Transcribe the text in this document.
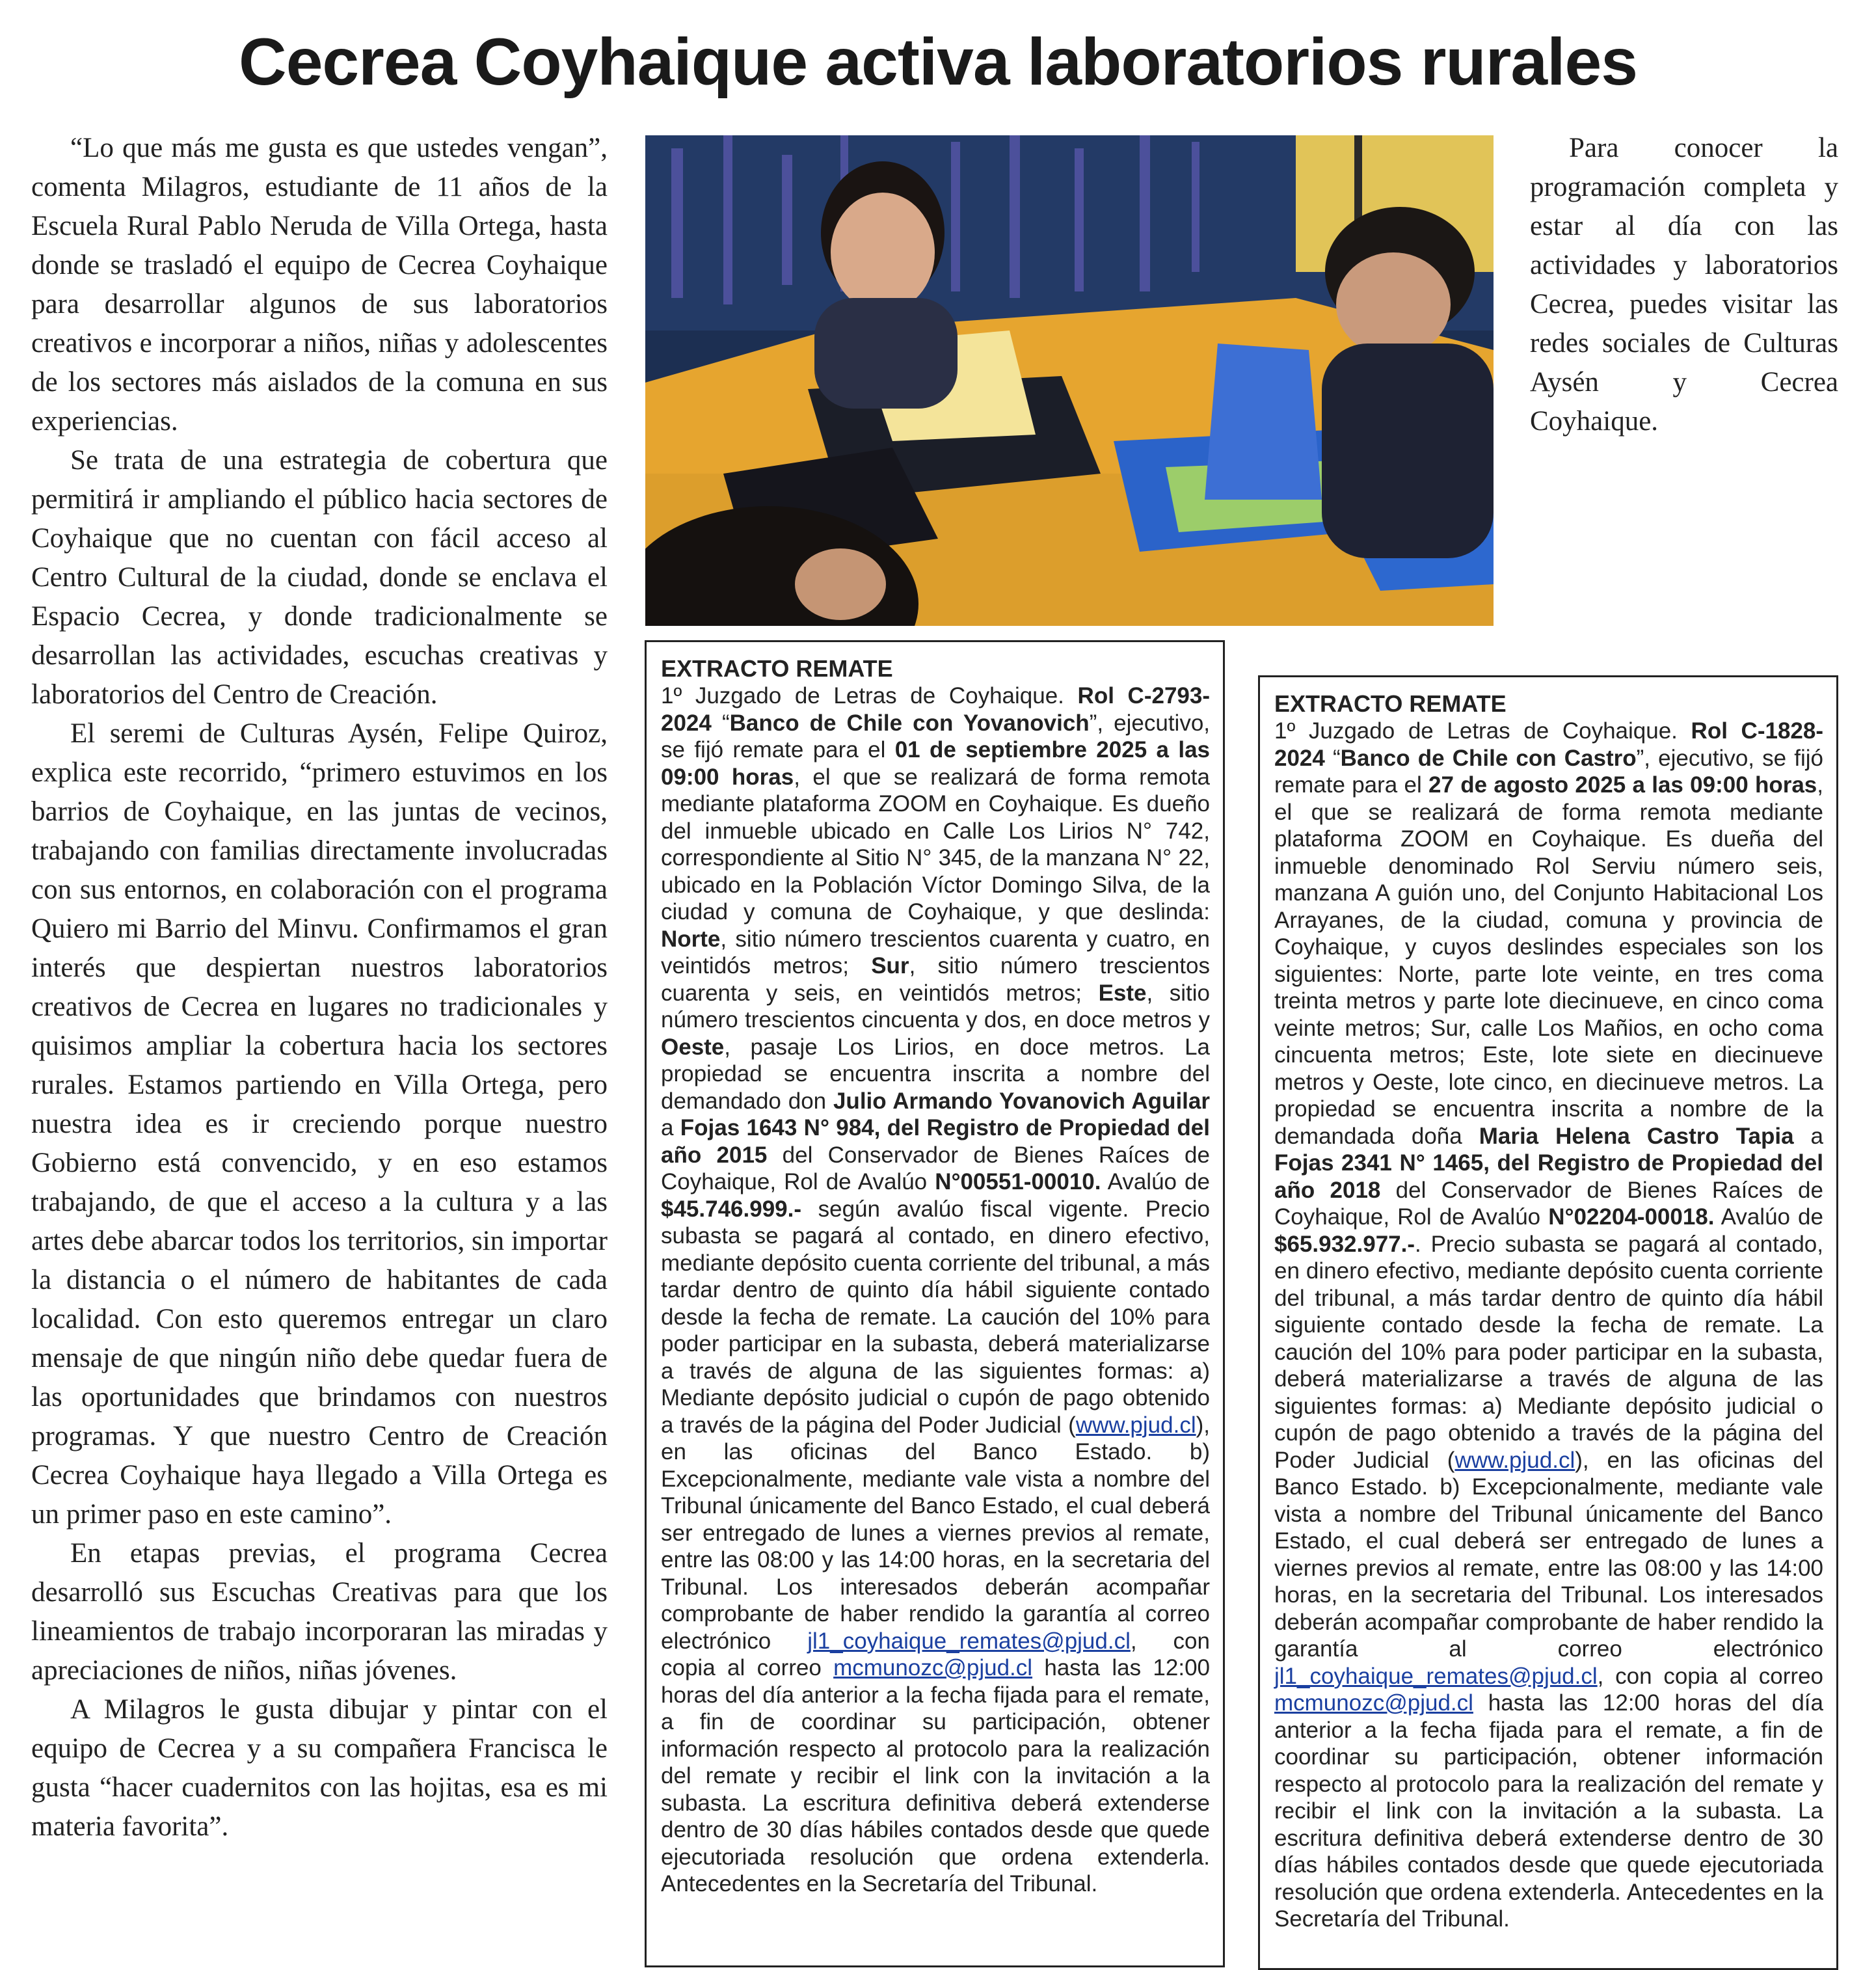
Cecrea Coyhaique activa laboratorios rurales

“Lo que más me gusta es que ustedes vengan”, comenta Milagros, estudiante de 11 años de la Escuela Rural Pablo Neruda de Villa Ortega, hasta donde se trasladó el equipo de Cecrea Coyhaique para desarrollar algunos de sus laboratorios creativos e incorporar a niños, niñas y adolescentes de los sectores más aislados de la comuna en sus experiencias.

Se trata de una estrategia de cobertura que permitirá ir ampliando el público hacia sectores de Coyhaique que no cuentan con fácil acceso al Centro Cultural de la ciudad, donde se enclava el Espacio Cecrea, y donde tradicionalmente se desarrollan las actividades, escuchas creativas y laboratorios del Centro de Creación.

El seremi de Culturas Aysén, Felipe Quiroz, explica este recorrido, “primero estuvimos en los barrios de Coyhaique, en las juntas de vecinos, trabajando con familias directamente involucradas con sus entornos, en colaboración con el programa Quiero mi Barrio del Minvu. Confirmamos el gran interés que despiertan nuestros laboratorios creativos de Cecrea en lugares no tradicionales y quisimos ampliar la cobertura hacia los sectores rurales. Estamos partiendo en Villa Ortega, pero nuestra idea es ir creciendo porque nuestro Gobierno está convencido, y en eso estamos trabajando, de que el acceso a la cultura y a las artes debe abarcar todos los territorios, sin importar la distancia o el número de habitantes de cada localidad. Con esto queremos entregar un claro mensaje de que ningún niño debe quedar fuera de las oportunidades que brindamos con nuestros programas. Y que nuestro Centro de Creación Cecrea Coyhaique haya llegado a Villa Ortega es un primer paso en este camino”.

En etapas previas, el programa Cecrea desarrolló sus Escuchas Creativas para que los lineamientos de trabajo incorporaran las miradas y apreciaciones de niños, niñas jóvenes.

A Milagros le gusta dibujar y pintar con el equipo de Cecrea y a su compañera Francisca le gusta “hacer cuadernitos con las hojitas, esa es mi materia favorita”.

Para conocer la programación completa y estar al día con las actividades y laboratorios Cecrea, puedes visitar las redes sociales de Culturas Aysén y Cecrea Coyhaique.

EXTRACTO REMATE

1º Juzgado de Letras de Coyhaique. Rol C-2793-2024 “Banco de Chile con Yovanovich”, ejecutivo, se fijó remate para el 01 de septiembre 2025 a las 09:00 horas, el que se realizará de forma remota mediante plataforma ZOOM en Coyhaique. Es dueño del inmueble ubicado en Calle Los Lirios N° 742, correspondiente al Sitio N° 345, de la manzana N° 22, ubicado en la Población Víctor Domingo Silva, de la ciudad y comuna de Coyhaique, y que deslinda: Norte, sitio número trescientos cuarenta y cuatro, en veintidós metros; Sur, sitio número trescientos cuarenta y seis, en veintidós metros; Este, sitio número trescientos cincuenta y dos, en doce metros y Oeste, pasaje Los Lirios, en doce metros. La propiedad se encuentra inscrita a nombre del demandado don Julio Armando Yovanovich Aguilar a Fojas 1643 N° 984, del Registro de Propiedad del año 2015 del Conservador de Bienes Raíces de Coyhaique, Rol de Avalúo N°00551-00010. Avalúo de $45.746.999.- según avalúo fiscal vigente. Precio subasta se pagará al contado, en dinero efectivo, mediante depósito cuenta corriente del tribunal, a más tardar dentro de quinto día hábil siguiente contado desde la fecha de remate. La caución del 10% para poder participar en la subasta, deberá materializarse a través de alguna de las siguientes formas: a) Mediante depósito judicial o cupón de pago obtenido a través de la página del Poder Judicial (www.pjud.cl), en las oficinas del Banco Estado. b) Excepcionalmente, mediante vale vista a nombre del Tribunal únicamente del Banco Estado, el cual deberá ser entregado de lunes a viernes previos al remate, entre las 08:00 y las 14:00 horas, en la secretaria del Tribunal. Los interesados deberán acompañar comprobante de haber rendido la garantía al correo electrónico jl1_coyhaique_remates@pjud.cl, con copia al correo mcmunozc@pjud.cl hasta las 12:00 horas del día anterior a la fecha fijada para el remate, a fin de coordinar su participación, obtener información respecto al protocolo para la realización del remate y recibir el link con la invitación a la subasta. La escritura definitiva deberá extenderse dentro de 30 días hábiles contados desde que quede ejecutoriada resolución que ordena extenderla. Antecedentes en la Secretaría del Tribunal.

EXTRACTO REMATE

1º Juzgado de Letras de Coyhaique. Rol C-1828-2024 “Banco de Chile con Castro”, ejecutivo, se fijó remate para el 27 de agosto 2025 a las 09:00 horas, el que se realizará de forma remota mediante plataforma ZOOM en Coyhaique. Es dueña del inmueble denominado Rol Serviu número seis, manzana A guión uno, del Conjunto Habitacional Los Arrayanes, de la ciudad, comuna y provincia de Coyhaique, y cuyos deslindes especiales son los siguientes: Norte, parte lote veinte, en tres coma treinta metros y parte lote diecinueve, en cinco coma veinte metros; Sur, calle Los Mañios, en ocho coma cincuenta metros; Este, lote siete en diecinueve metros y Oeste, lote cinco, en diecinueve metros. La propiedad se encuentra inscrita a nombre de la demandada doña Maria Helena Castro Tapia a Fojas 2341 N° 1465, del Registro de Propiedad del año 2018 del Conservador de Bienes Raíces de Coyhaique, Rol de Avalúo N°02204-00018. Avalúo de $65.932.977.-. Precio subasta se pagará al contado, en dinero efectivo, mediante depósito cuenta corriente del tribunal, a más tardar dentro de quinto día hábil siguiente contado desde la fecha de remate. La caución del 10% para poder participar en la subasta, deberá materializarse a través de alguna de las siguientes formas: a) Mediante depósito judicial o cupón de pago obtenido a través de la página del Poder Judicial (www.pjud.cl), en las oficinas del Banco Estado. b) Excepcionalmente, mediante vale vista a nombre del Tribunal únicamente del Banco Estado, el cual deberá ser entregado de lunes a viernes previos al remate, entre las 08:00 y las 14:00 horas, en la secretaria del Tribunal. Los interesados deberán acompañar comprobante de haber rendido la garantía al correo electrónico jl1_coyhaique_remates@pjud.cl, con copia al correo mcmunozc@pjud.cl hasta las 12:00 horas del día anterior a la fecha fijada para el remate, a fin de coordinar su participación, obtener información respecto al protocolo para la realización del remate y recibir el link con la invitación a la subasta. La escritura definitiva deberá extenderse dentro de 30 días hábiles contados desde que quede ejecutoriada resolución que ordena extenderla. Antecedentes en la Secretaría del Tribunal.
